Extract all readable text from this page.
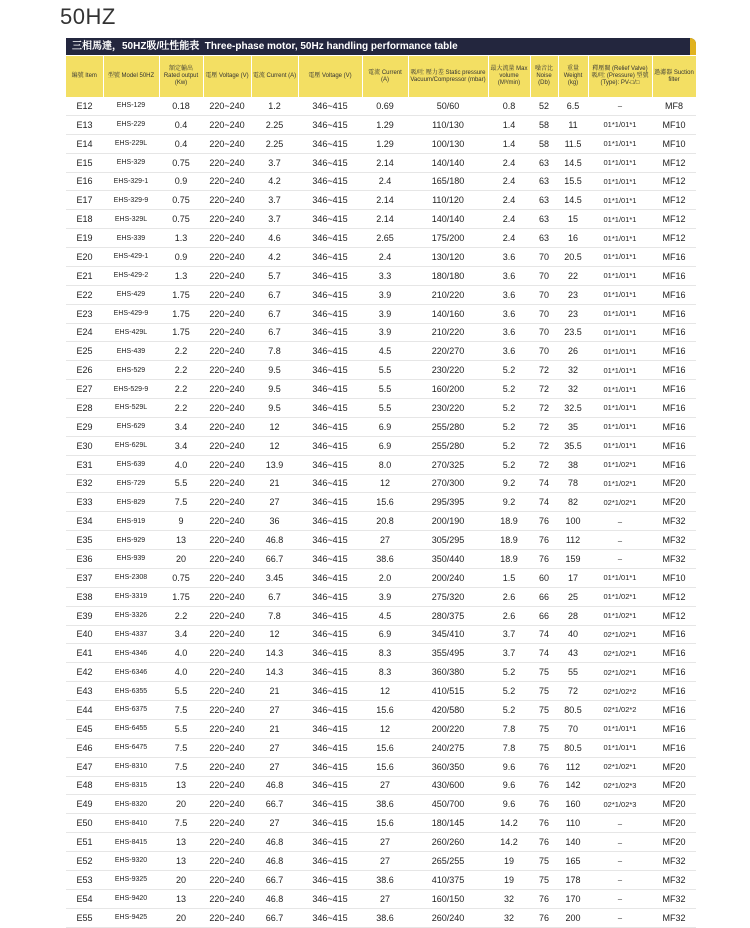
50HZ
三相馬達，50HZ吸/吐性能表 Three-phase motor, 50Hz handling performance table
編號 Item	型號 Model 50HZ	額定輸出 Rated output (Kw)	電壓 Voltage (V)	電流 Current (A)	電壓 Voltage (V)	電流 Current (A)	吸/吐 壓力差 Static pressure Vacuum/Compressor (mbar)	最大流量 Max volume (M³/min)	噪音比 Noise (Db)	重量 Weight (kg)	釋壓閥 (Relief Valve) 吸/吐 (Pressure) 型號(Type): PV-□/□	過濾器 Suction filter
E12	EHS-129	0.18	220~240	1.2	346~415	0.69	50/60	0.8	52	6.5	–	MF8
E13	EHS-229	0.4	220~240	2.25	346~415	1.29	110/130	1.4	58	11	01*1/01*1	MF10
E14	EHS-229L	0.4	220~240	2.25	346~415	1.29	100/130	1.4	58	11.5	01*1/01*1	MF10
E15	EHS-329	0.75	220~240	3.7	346~415	2.14	140/140	2.4	63	14.5	01*1/01*1	MF12
E16	EHS-329-1	0.9	220~240	4.2	346~415	2.4	165/180	2.4	63	15.5	01*1/01*1	MF12
E17	EHS-329-9	0.75	220~240	3.7	346~415	2.14	110/120	2.4	63	14.5	01*1/01*1	MF12
E18	EHS-329L	0.75	220~240	3.7	346~415	2.14	140/140	2.4	63	15	01*1/01*1	MF12
E19	EHS-339	1.3	220~240	4.6	346~415	2.65	175/200	2.4	63	16	01*1/01*1	MF12
E20	EHS-429-1	0.9	220~240	4.2	346~415	2.4	130/120	3.6	70	20.5	01*1/01*1	MF16
E21	EHS-429-2	1.3	220~240	5.7	346~415	3.3	180/180	3.6	70	22	01*1/01*1	MF16
E22	EHS-429	1.75	220~240	6.7	346~415	3.9	210/220	3.6	70	23	01*1/01*1	MF16
E23	EHS-429-9	1.75	220~240	6.7	346~415	3.9	140/160	3.6	70	23	01*1/01*1	MF16
E24	EHS-429L	1.75	220~240	6.7	346~415	3.9	210/220	3.6	70	23.5	01*1/01*1	MF16
E25	EHS-439	2.2	220~240	7.8	346~415	4.5	220/270	3.6	70	26	01*1/01*1	MF16
E26	EHS-529	2.2	220~240	9.5	346~415	5.5	230/220	5.2	72	32	01*1/01*1	MF16
E27	EHS-529-9	2.2	220~240	9.5	346~415	5.5	160/200	5.2	72	32	01*1/01*1	MF16
E28	EHS-529L	2.2	220~240	9.5	346~415	5.5	230/220	5.2	72	32.5	01*1/01*1	MF16
E29	EHS-629	3.4	220~240	12	346~415	6.9	255/280	5.2	72	35	01*1/01*1	MF16
E30	EHS-629L	3.4	220~240	12	346~415	6.9	255/280	5.2	72	35.5	01*1/01*1	MF16
E31	EHS-639	4.0	220~240	13.9	346~415	8.0	270/325	5.2	72	38	01*1/02*1	MF16
E32	EHS-729	5.5	220~240	21	346~415	12	270/300	9.2	74	78	01*1/02*1	MF20
E33	EHS-829	7.5	220~240	27	346~415	15.6	295/395	9.2	74	82	02*1/02*1	MF20
E34	EHS-919	9	220~240	36	346~415	20.8	200/190	18.9	76	100	–	MF32
E35	EHS-929	13	220~240	46.8	346~415	27	305/295	18.9	76	112	–	MF32
E36	EHS-939	20	220~240	66.7	346~415	38.6	350/440	18.9	76	159	–	MF32
E37	EHS-2308	0.75	220~240	3.45	346~415	2.0	200/240	1.5	60	17	01*1/01*1	MF10
E38	EHS-3319	1.75	220~240	6.7	346~415	3.9	275/320	2.6	66	25	01*1/02*1	MF12
E39	EHS-3326	2.2	220~240	7.8	346~415	4.5	280/375	2.6	66	28	01*1/02*1	MF12
E40	EHS-4337	3.4	220~240	12	346~415	6.9	345/410	3.7	74	40	02*1/02*1	MF16
E41	EHS-4346	4.0	220~240	14.3	346~415	8.3	355/495	3.7	74	43	02*1/02*1	MF16
E42	EHS-6346	4.0	220~240	14.3	346~415	8.3	360/380	5.2	75	55	02*1/02*1	MF16
E43	EHS-6355	5.5	220~240	21	346~415	12	410/515	5.2	75	72	02*1/02*2	MF16
E44	EHS-6375	7.5	220~240	27	346~415	15.6	420/580	5.2	75	80.5	02*1/02*2	MF16
E45	EHS-6455	5.5	220~240	21	346~415	12	200/220	7.8	75	70	01*1/01*1	MF16
E46	EHS-6475	7.5	220~240	27	346~415	15.6	240/275	7.8	75	80.5	01*1/01*1	MF16
E47	EHS-8310	7.5	220~240	27	346~415	15.6	360/350	9.6	76	112	02*1/02*1	MF20
E48	EHS-8315	13	220~240	46.8	346~415	27	430/600	9.6	76	142	02*1/02*3	MF20
E49	EHS-8320	20	220~240	66.7	346~415	38.6	450/700	9.6	76	160	02*1/02*3	MF20
E50	EHS-8410	7.5	220~240	27	346~415	15.6	180/145	14.2	76	110	–	MF20
E51	EHS-8415	13	220~240	46.8	346~415	27	260/260	14.2	76	140	–	MF20
E52	EHS-9320	13	220~240	46.8	346~415	27	265/255	19	75	165	–	MF32
E53	EHS-9325	20	220~240	66.7	346~415	38.6	410/375	19	75	178	–	MF32
E54	EHS-9420	13	220~240	46.8	346~415	27	160/150	32	76	170	–	MF32
E55	EHS-9425	20	220~240	66.7	346~415	38.6	260/240	32	76	200	–	MF32
